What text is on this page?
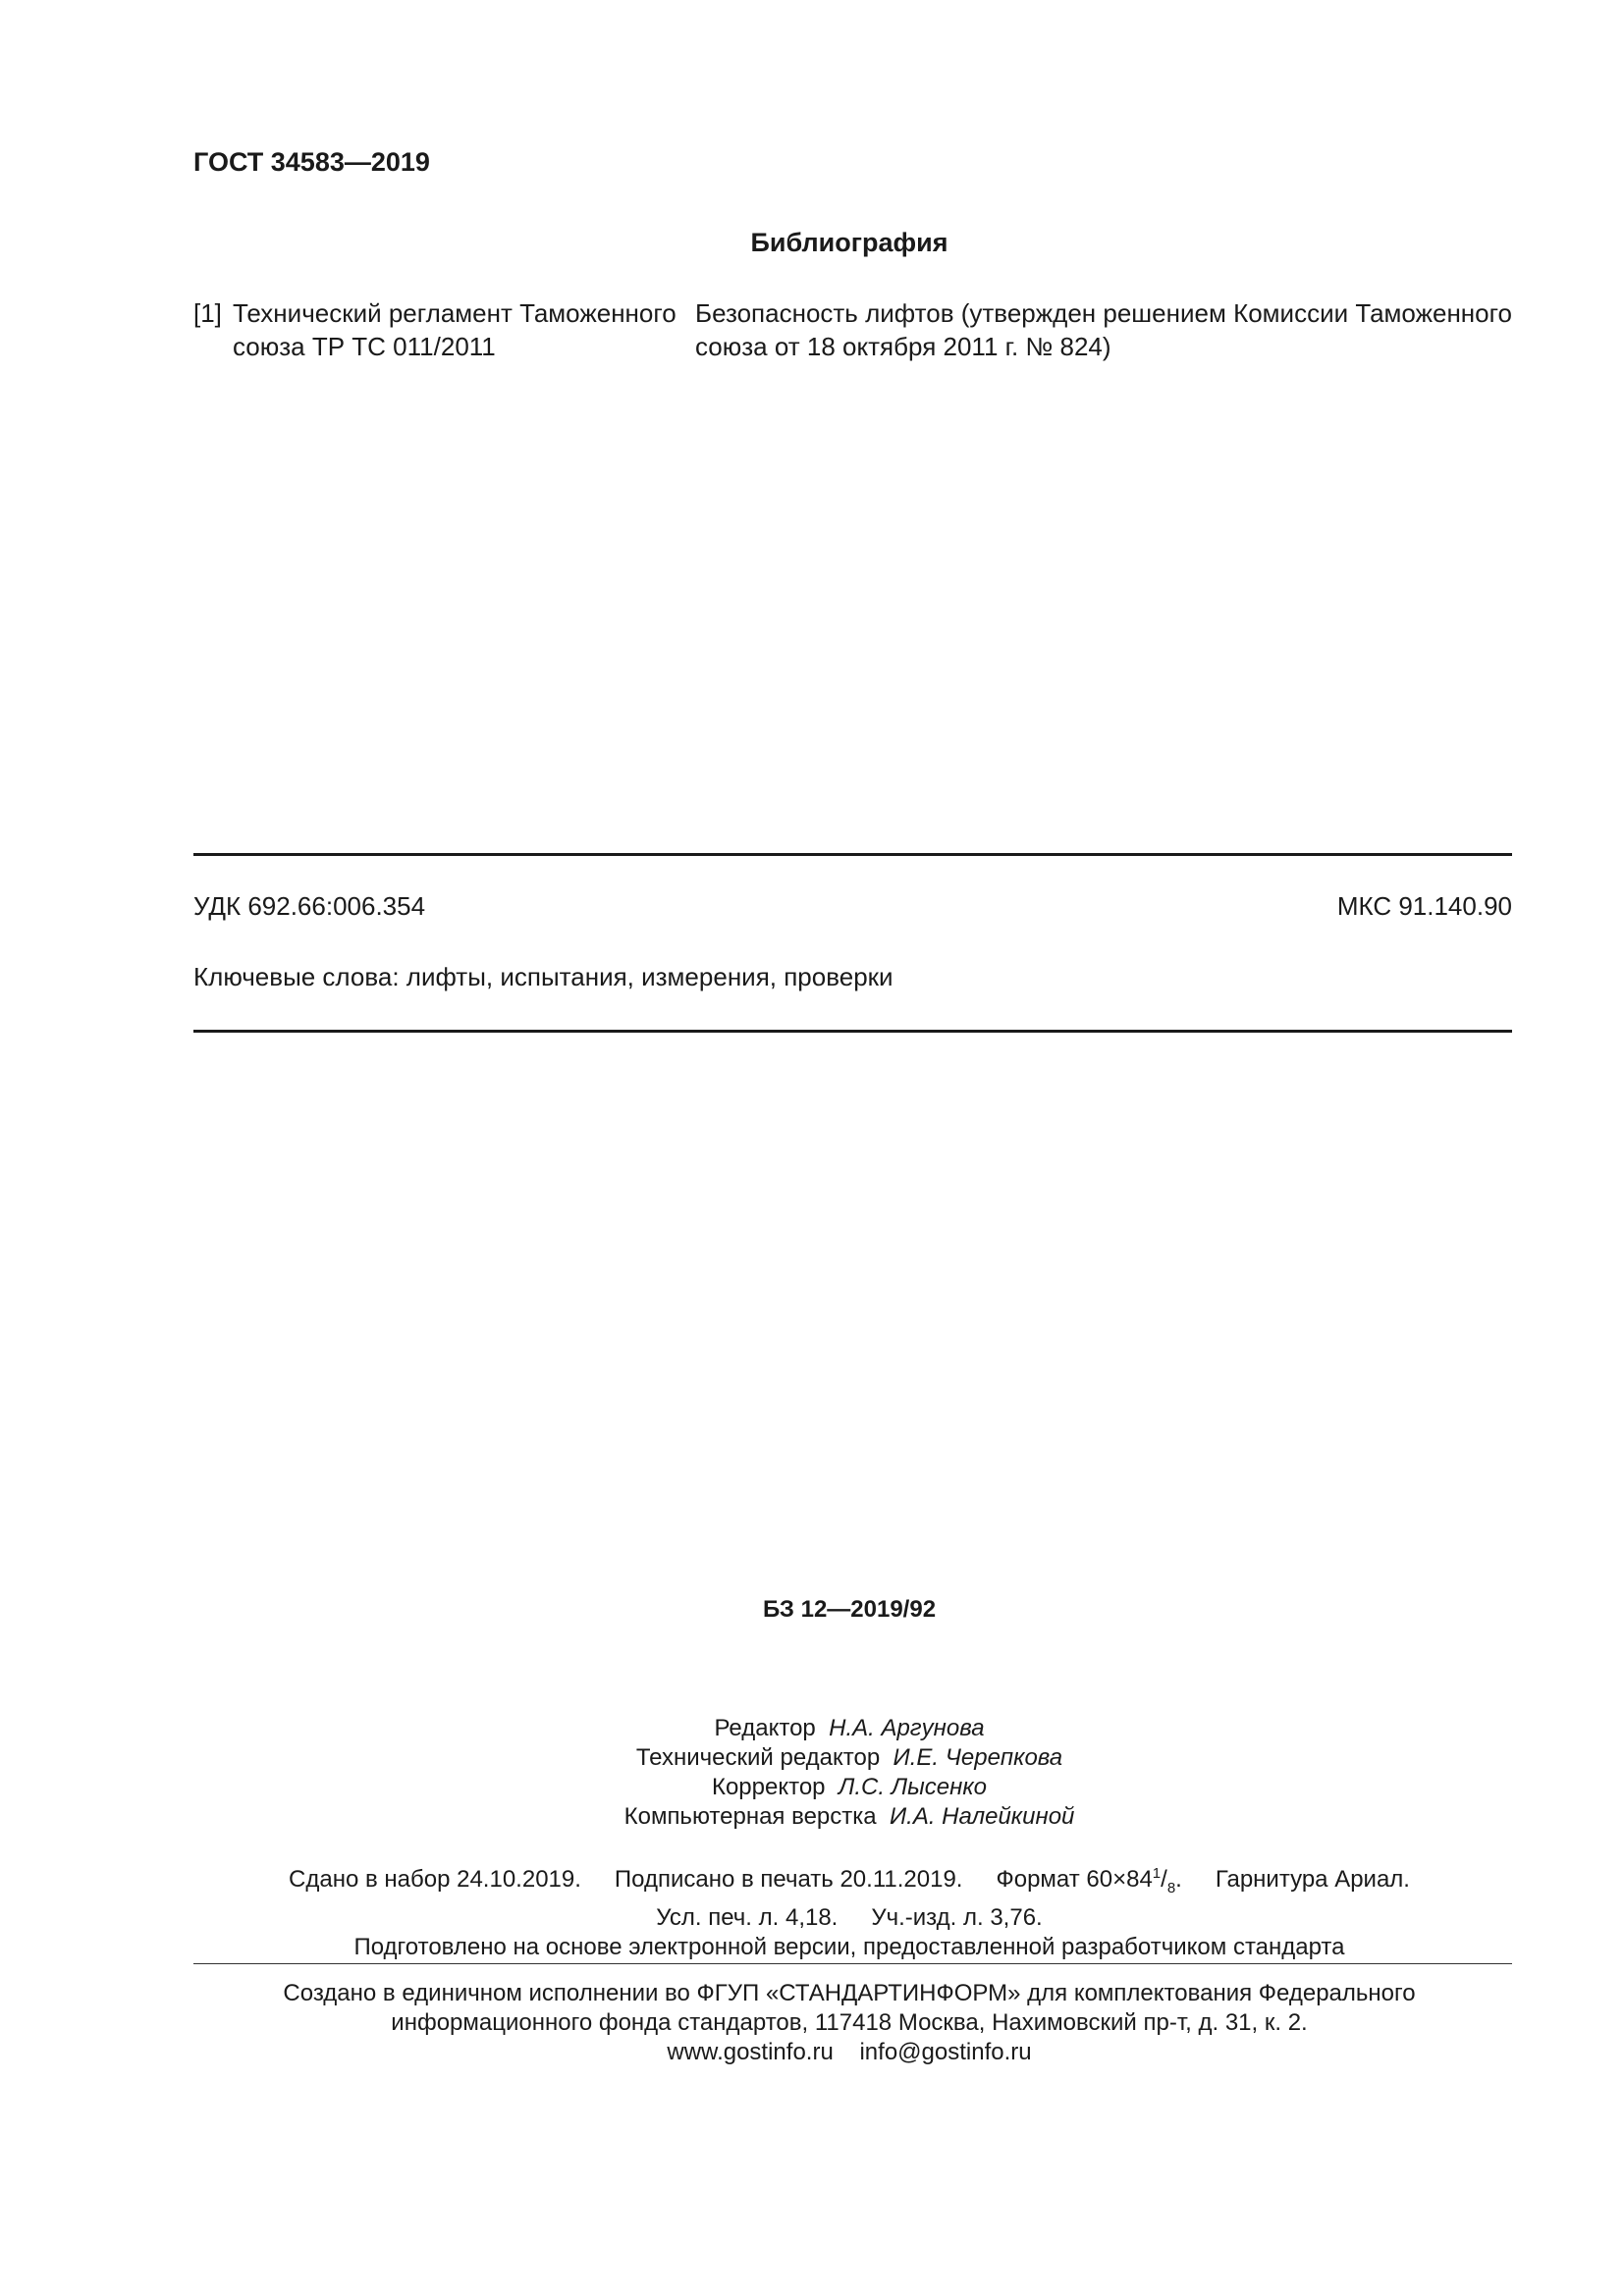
ГОСТ 34583—2019
Библиография
[1] Технический регламент Таможенного
союза ТР ТС 011/2011
Безопасность лифтов (утвержден решением Комиссии Таможенного союза от 18 октября 2011 г. № 824)
УДК 692.66:006.354	МКС 91.140.90
Ключевые слова: лифты, испытания, измерения, проверки
БЗ 12—2019/92
Редактор Н.А. Аргунова
Технический редактор И.Е. Черепкова
Корректор Л.С. Лысенко
Компьютерная верстка И.А. Налейкиной
Сдано в набор 24.10.2019. Подписано в печать 20.11.2019. Формат $60\times 84^1/_8$. Гарнитура Ариал.
Усл. печ. л. 4,18. Уч.-изд. л. 3,76.
Подготовлено на основе электронной версии, предоставленной разработчиком стандарта
Создано в единичном исполнении во ФГУП «СТАНДАРТИНФОРМ» для комплектования Федерального
информационного фонда стандартов, 117418 Москва, Нахимовский пр-т, д. 31, к. 2.
www.gostinfo.ru info@gostinfo.ru
